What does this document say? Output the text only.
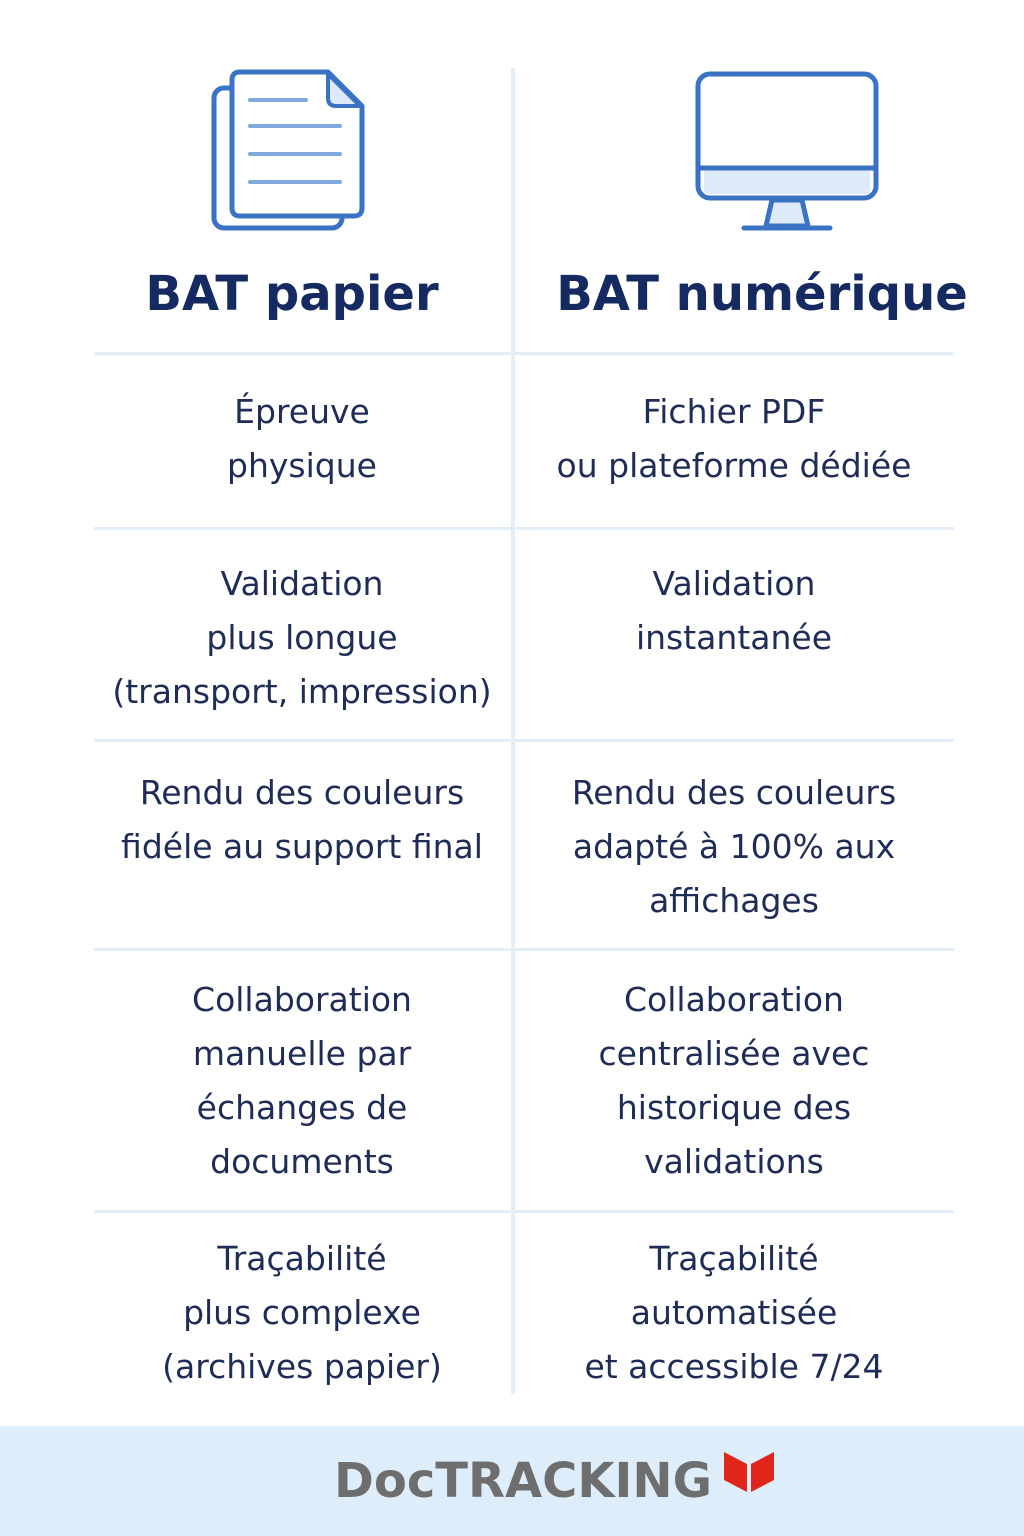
BAT papier	BAT numérique
Épreuve
physique
Fichier PDF
ou plateforme dédiée
Validation
plus longue
(transport, impression)
Validation
instantanée
Rendu des couleurs
fidéle au support final
Rendu des couleurs
adapté à 100% aux
affichages
Collaboration
manuelle par
échanges de
documents
Collaboration
centralisée avec
historique des
validations
Traçabilité
plus complexe
(archives papier)
Traçabilité
automatisée
et accessible 7/24
DocTRACKING
